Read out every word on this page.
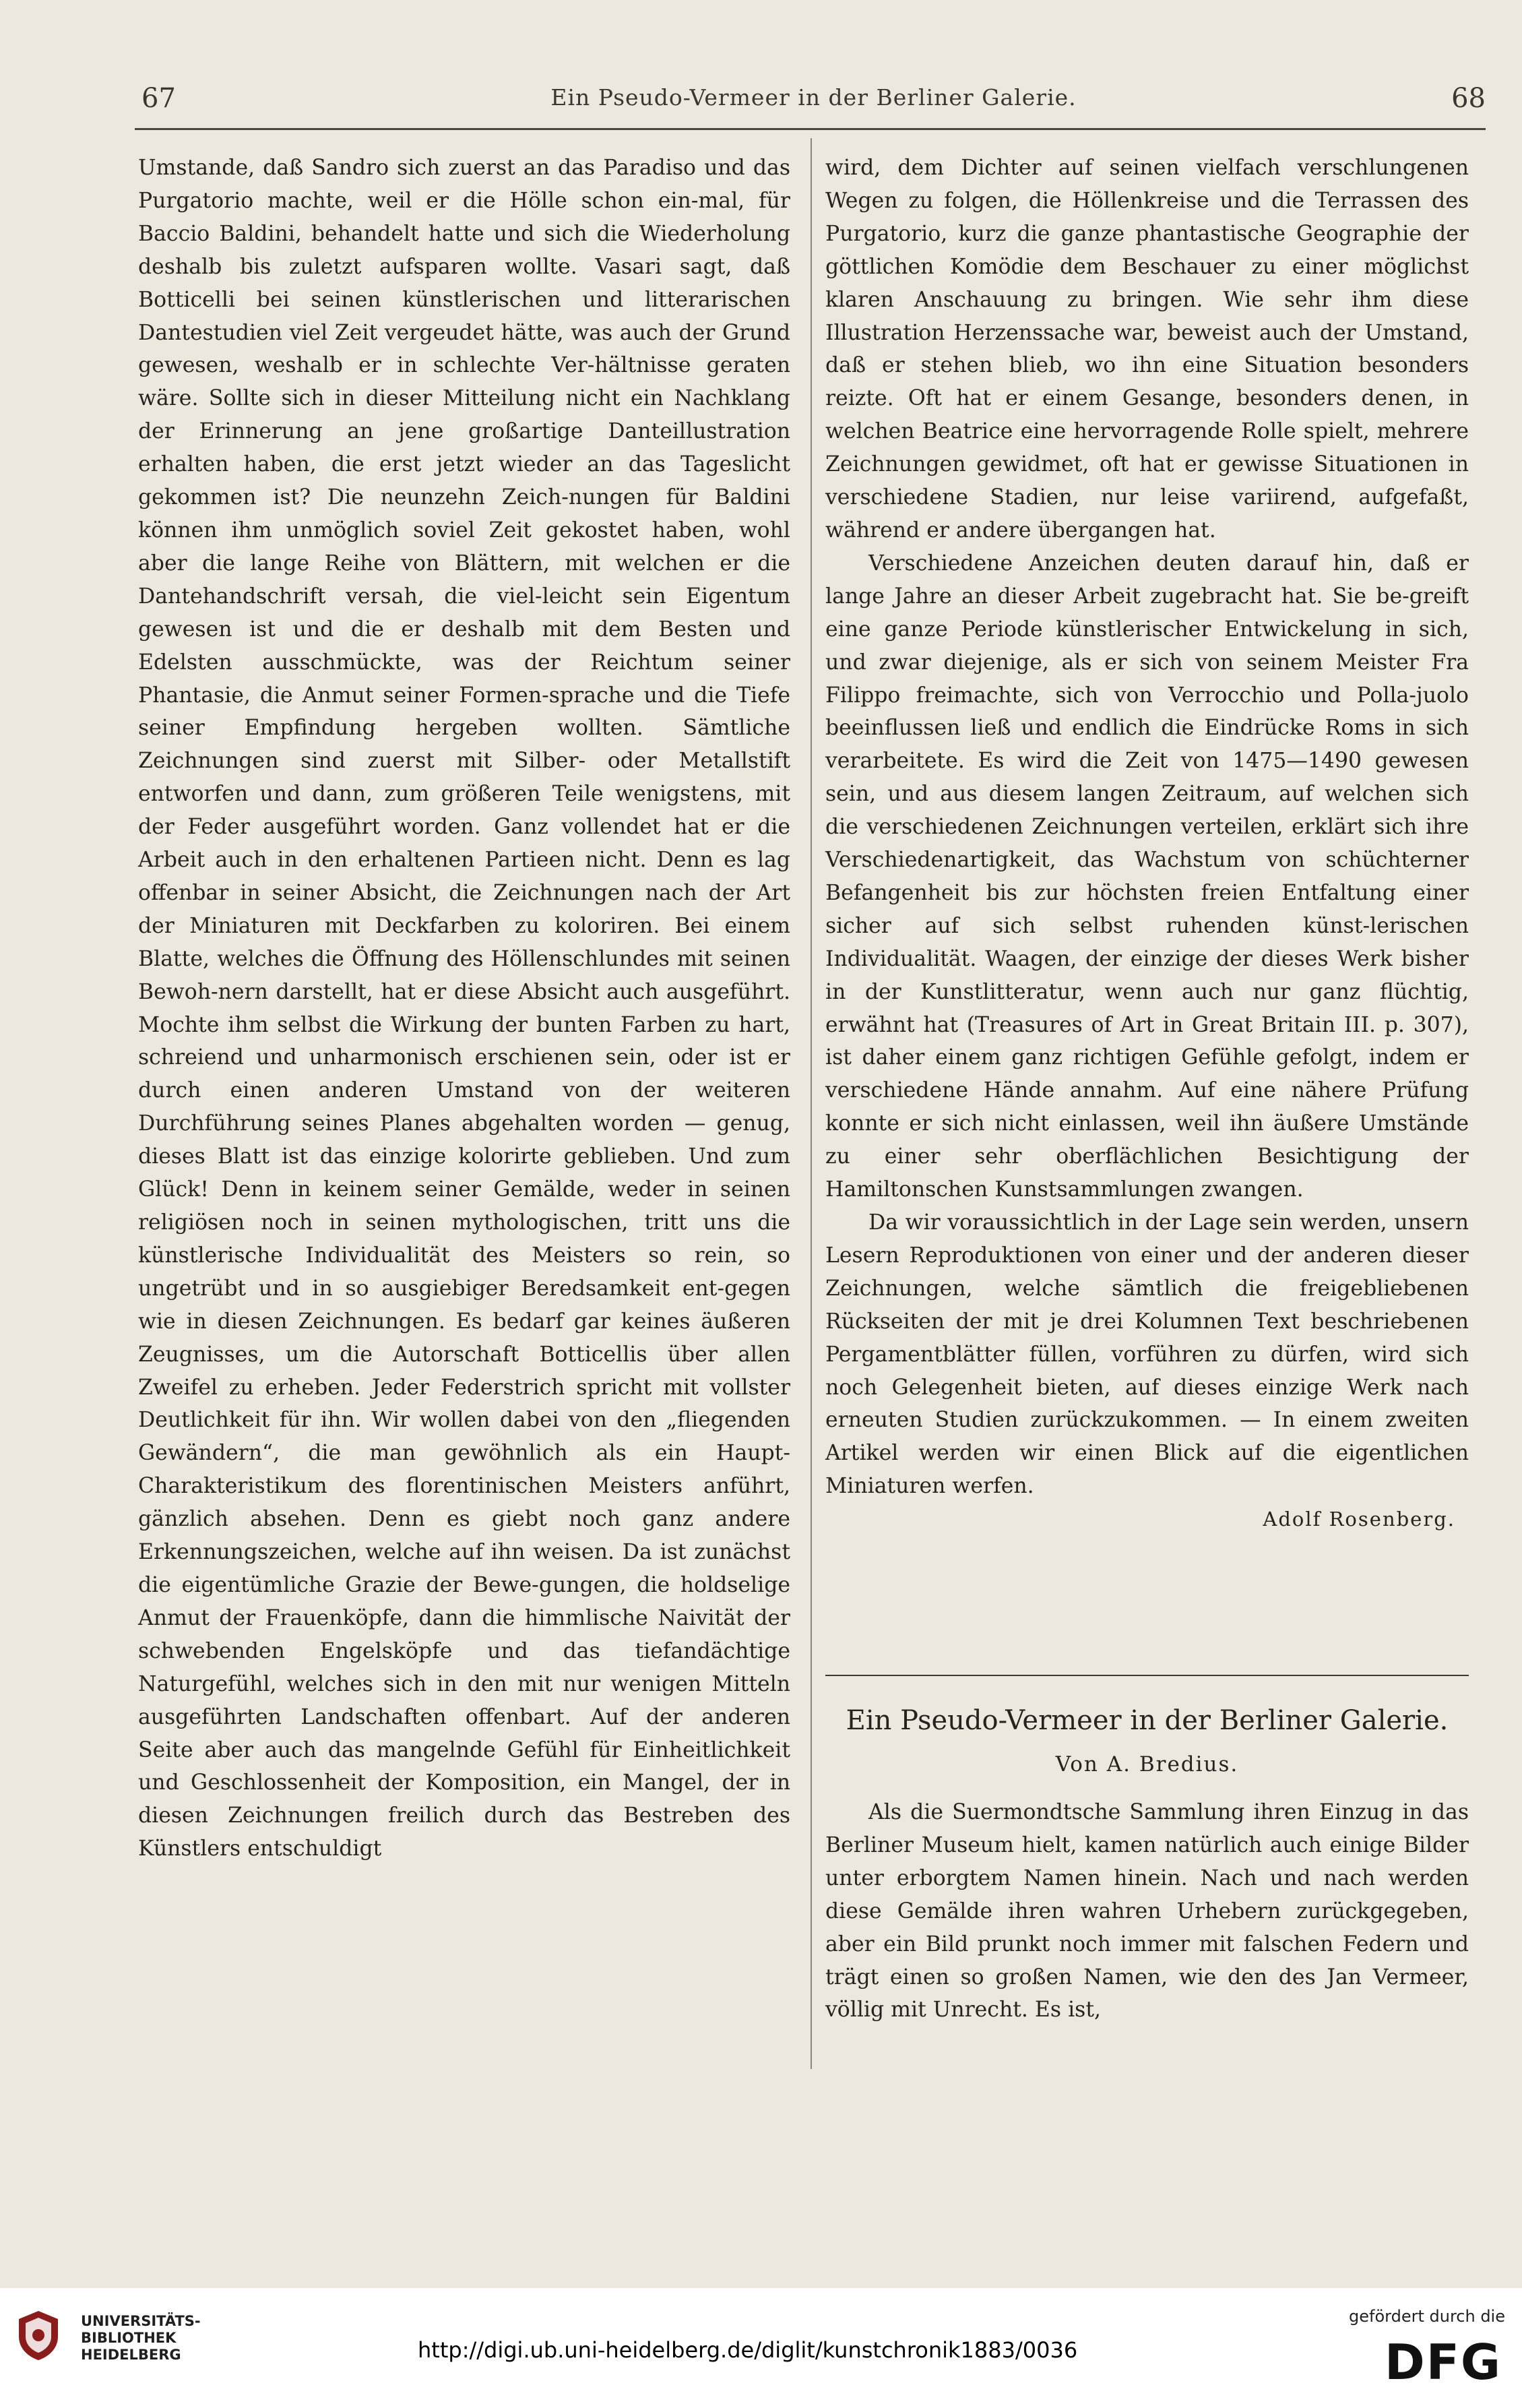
67	Ein Pseudo-Vermeer in der Berliner Galerie.	68

Umstande, daß Sandro sich zuerst an das Paradiso und das Purgatorio machte, weil er die Hölle schon ein-mal, für Baccio Baldini, behandelt hatte und sich die Wiederholung deshalb bis zuletzt aufsparen wollte. Vasari sagt, daß Botticelli bei seinen künstlerischen und litterarischen Dantestudien viel Zeit vergeudet hätte, was auch der Grund gewesen, weshalb er in schlechte Ver-hältnisse geraten wäre. Sollte sich in dieser Mitteilung nicht ein Nachklang der Erinnerung an jene großartige Danteillustration erhalten haben, die erst jetzt wieder an das Tageslicht gekommen ist? Die neunzehn Zeich-nungen für Baldini können ihm unmöglich soviel Zeit gekostet haben, wohl aber die lange Reihe von Blättern, mit welchen er die Dantehandschrift versah, die viel-leicht sein Eigentum gewesen ist und die er deshalb mit dem Besten und Edelsten ausschmückte, was der Reichtum seiner Phantasie, die Anmut seiner Formen-sprache und die Tiefe seiner Empfindung hergeben wollten. Sämtliche Zeichnungen sind zuerst mit Silber- oder Metallstift entworfen und dann, zum größeren Teile wenigstens, mit der Feder ausgeführt worden. Ganz vollendet hat er die Arbeit auch in den erhaltenen Partieen nicht. Denn es lag offenbar in seiner Absicht, die Zeichnungen nach der Art der Miniaturen mit Deckfarben zu koloriren. Bei einem Blatte, welches die Öffnung des Höllenschlundes mit seinen Bewoh-nern darstellt, hat er diese Absicht auch ausgeführt. Mochte ihm selbst die Wirkung der bunten Farben zu hart, schreiend und unharmonisch erschienen sein, oder ist er durch einen anderen Umstand von der weiteren Durchführung seines Planes abgehalten worden — genug, dieses Blatt ist das einzige kolorirte geblieben. Und zum Glück! Denn in keinem seiner Gemälde, weder in seinen religiösen noch in seinen mythologischen, tritt uns die künstlerische Individualität des Meisters so rein, so ungetrübt und in so ausgiebiger Beredsamkeit ent-gegen wie in diesen Zeichnungen. Es bedarf gar keines äußeren Zeugnisses, um die Autorschaft Botticellis über allen Zweifel zu erheben. Jeder Federstrich spricht mit vollster Deutlichkeit für ihn. Wir wollen dabei von den „fliegenden Gewändern“, die man gewöhnlich als ein Haupt-Charakteristikum des florentinischen Meisters anführt, gänzlich absehen. Denn es giebt noch ganz andere Erkennungszeichen, welche auf ihn weisen. Da ist zunächst die eigentümliche Grazie der Bewe-gungen, die holdselige Anmut der Frauenköpfe, dann die himmlische Naivität der schwebenden Engelsköpfe und das tiefandächtige Naturgefühl, welches sich in den mit nur wenigen Mitteln ausgeführten Landschaften offenbart. Auf der anderen Seite aber auch das mangelnde Gefühl für Einheitlichkeit und Geschlossenheit der Komposition, ein Mangel, der in diesen Zeichnungen freilich durch das Bestreben des Künstlers entschuldigt

wird, dem Dichter auf seinen vielfach verschlungenen Wegen zu folgen, die Höllenkreise und die Terrassen des Purgatorio, kurz die ganze phantastische Geographie der göttlichen Komödie dem Beschauer zu einer möglichst klaren Anschauung zu bringen. Wie sehr ihm diese Illustration Herzenssache war, beweist auch der Umstand, daß er stehen blieb, wo ihn eine Situation besonders reizte. Oft hat er einem Gesange, besonders denen, in welchen Beatrice eine hervorragende Rolle spielt, mehrere Zeichnungen gewidmet, oft hat er gewisse Situationen in verschiedene Stadien, nur leise variirend, aufgefaßt, während er andere übergangen hat.

Verschiedene Anzeichen deuten darauf hin, daß er lange Jahre an dieser Arbeit zugebracht hat. Sie be-greift eine ganze Periode künstlerischer Entwickelung in sich, und zwar diejenige, als er sich von seinem Meister Fra Filippo freimachte, sich von Verrocchio und Polla-juolo beeinflussen ließ und endlich die Eindrücke Roms in sich verarbeitete. Es wird die Zeit von 1475—1490 gewesen sein, und aus diesem langen Zeitraum, auf welchen sich die verschiedenen Zeichnungen verteilen, erklärt sich ihre Verschiedenartigkeit, das Wachstum von schüchterner Befangenheit bis zur höchsten freien Entfaltung einer sicher auf sich selbst ruhenden künst-lerischen Individualität. Waagen, der einzige der dieses Werk bisher in der Kunstlitteratur, wenn auch nur ganz flüchtig, erwähnt hat (Treasures of Art in Great Britain III. p. 307), ist daher einem ganz richtigen Gefühle gefolgt, indem er verschiedene Hände annahm. Auf eine nähere Prüfung konnte er sich nicht einlassen, weil ihn äußere Umstände zu einer sehr oberflächlichen Besichtigung der Hamiltonschen Kunstsammlungen zwangen.

Da wir voraussichtlich in der Lage sein werden, unsern Lesern Reproduktionen von einer und der anderen dieser Zeichnungen, welche sämtlich die freigebliebenen Rückseiten der mit je drei Kolumnen Text beschriebenen Pergamentblätter füllen, vorführen zu dürfen, wird sich noch Gelegenheit bieten, auf dieses einzige Werk nach erneuten Studien zurückzukommen. — In einem zweiten Artikel werden wir einen Blick auf die eigentlichen Miniaturen werfen.

Adolf Rosenberg.

Ein Pseudo-Vermeer in der Berliner Galerie.
Von A. Bredius.

Als die Suermondtsche Sammlung ihren Einzug in das Berliner Museum hielt, kamen natürlich auch einige Bilder unter erborgtem Namen hinein. Nach und nach werden diese Gemälde ihren wahren Urhebern zurückgegeben, aber ein Bild prunkt noch immer mit falschen Federn und trägt einen so großen Namen, wie den des Jan Vermeer, völlig mit Unrecht. Es ist,

UNIVERSITÄTS-
BIBLIOTHEK
HEIDELBERG	http://digi.ub.uni-heidelberg.de/diglit/kunstchronik1883/0036
gefördert durch die
DFG
